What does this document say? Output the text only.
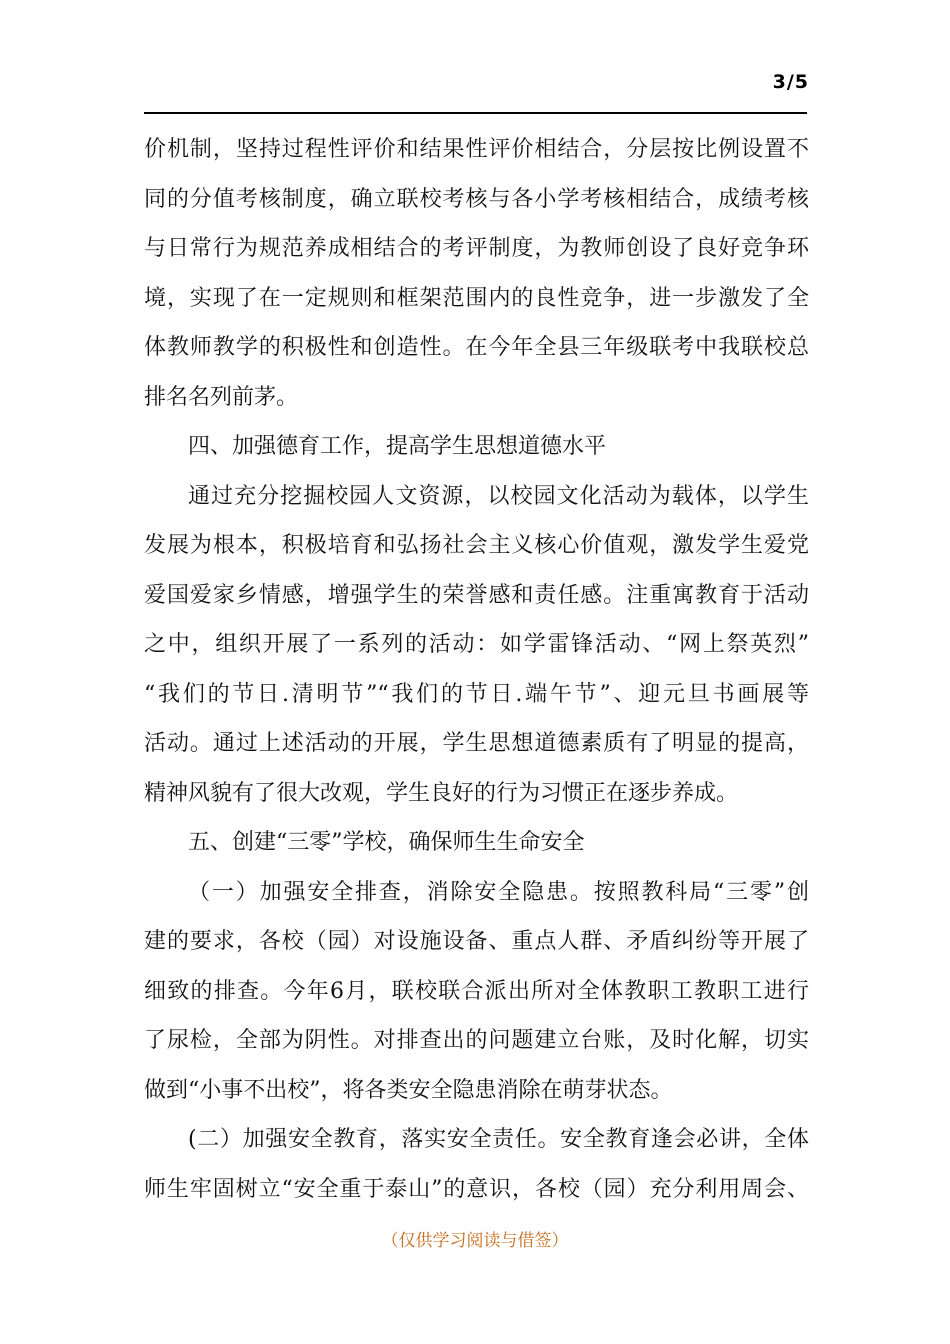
3/5
价机制，坚持过程性评价和结果性评价相结合，分层按比例设置不
同的分值考核制度，确立联校考核与各小学考核相结合，成绩考核
与日常行为规范养成相结合的考评制度，为教师创设了良好竞争环
境，实现了在一定规则和框架范围内的良性竞争，进一步激发了全
体教师教学的积极性和创造性。在今年全县三年级联考中我联校总
排名名列前茅。
四、加强德育工作，提高学生思想道德水平
通过充分挖掘校园人文资源，以校园文化活动为载体，以学生
发展为根本，积极培育和弘扬社会主义核心价值观，激发学生爱党
爱国爱家乡情感，增强学生的荣誉感和责任感。注重寓教育于活动
之中，组织开展了一系列的活动：如学雷锋活动、“网上祭英烈”
“我们的节日.清明节”“我们的节日.端午节”、迎元旦书画展等
活动。通过上述活动的开展，学生思想道德素质有了明显的提高，
精神风貌有了很大改观，学生良好的行为习惯正在逐步养成。
五、创建“三零”学校，确保师生生命安全
（一）加强安全排查，消除安全隐患。按照教科局“三零”创
建的要求，各校（园）对设施设备、重点人群、矛盾纠纷等开展了
细致的排查。今年6月，联校联合派出所对全体教职工教职工进行
了尿检，全部为阴性。对排查出的问题建立台账，及时化解，切实
做到“小事不出校”，将各类安全隐患消除在萌芽状态。
(二）加强安全教育，落实安全责任。安全教育逢会必讲，全体
师生牢固树立“安全重于泰山”的意识，各校（园）充分利用周会、
（仅供学习阅读与借签）
